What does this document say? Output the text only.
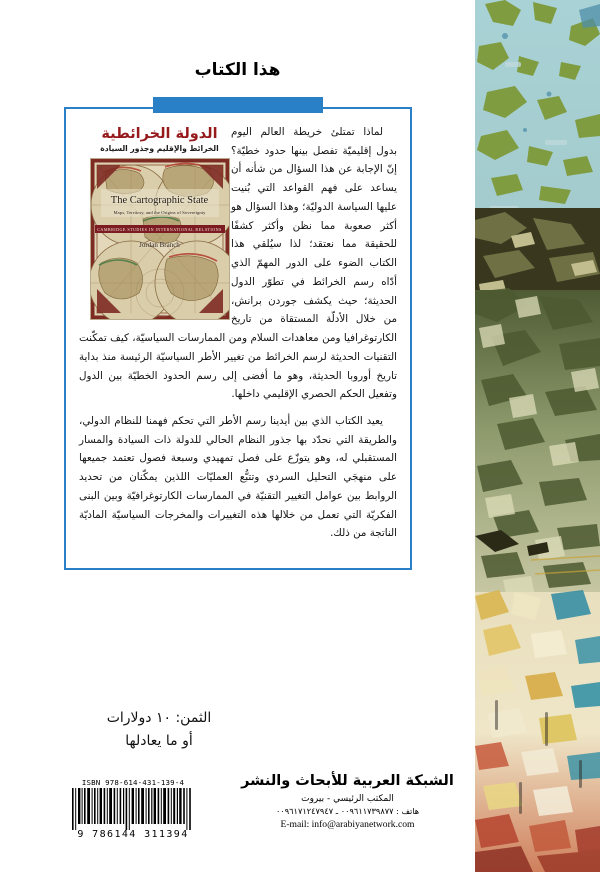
هذا الكتاب
الدولة الخرائطية
الخرائط والإقليم وجذور السيادة
The Cartographic State
Maps, Territory, and the Origins of Sovereignty
CAMBRIDGE STUDIES IN INTERNATIONAL RELATIONS
Jordan Branch

لماذا تمتلئ خريطة العالم اليوم بدول إقليميّة تفصل بينها حدود خطيّة؟ إنّ الإجابة عن هذا السؤال من شأنه أن يساعد على فهم القواعد التي بُنيت عليها السياسة الدوليّة؛ وهذا السؤال هو أكثر صعوبة مما نظن وأكثر كشفًا للحقيقة مما نعتقد؛ لذا سيُلقي هذا الكتاب الضوء على الدور المهمّ الذي أدّاه رسم الخرائط في تطوّر الدول الحديثة؛ حيث يكشف جوردن برانش، من خلال الأدلّة المستقاة من تاريخ الكارتوغرافيا ومن معاهدات السلام ومن الممارسات السياسيّة، كيف تمكّنت التقنيات الحديثة لرسم الخرائط من تغيير الأطر السياسيّة الرئيسة منذ بداية تاريخ أوروبا الحديثة، وهو ما أفضى إلى رسم الحدود الخطيّة بين الدول وتفعيل الحكم الحصري الإقليمي داخلها.

يعيد الكتاب الذي بين أيدينا رسم الأطر التي تحكم فهمنا للنظام الدولي، والطريقة التي نحدّد بها جذور النظام الحالي للدولة ذات السيادة والمسار المستقبلي له، وهو يتوزّع على فصل تمهيدي وسبعة فصول تعتمد جميعها على منهجَي التحليل السردي وتتبُّع العمليّات اللذين يمكّنان من تحديد الروابط بين عوامل التغيير التقنيّة في الممارسات الكارتوغرافيّة وبين البنى الفكريّة التي تعمل من خلالها هذه التغييرات والمخرجات السياسيّة الماديّة الناتجة من ذلك.

الثمن: ١٠ دولارات
أو ما يعادلها
ISBN 978-614-431-139-4
9 786144 311394
الشبكة العربية للأبحاث والنشر
المكتب الرئيسي - بيروت
هاتف : ٠٠٩٦١١٧٣٩٨٧٧ ـ ٠٠٩٦١٧١٢٤٧٩٤٧
E-mail: info@arabiyanetwork.com
